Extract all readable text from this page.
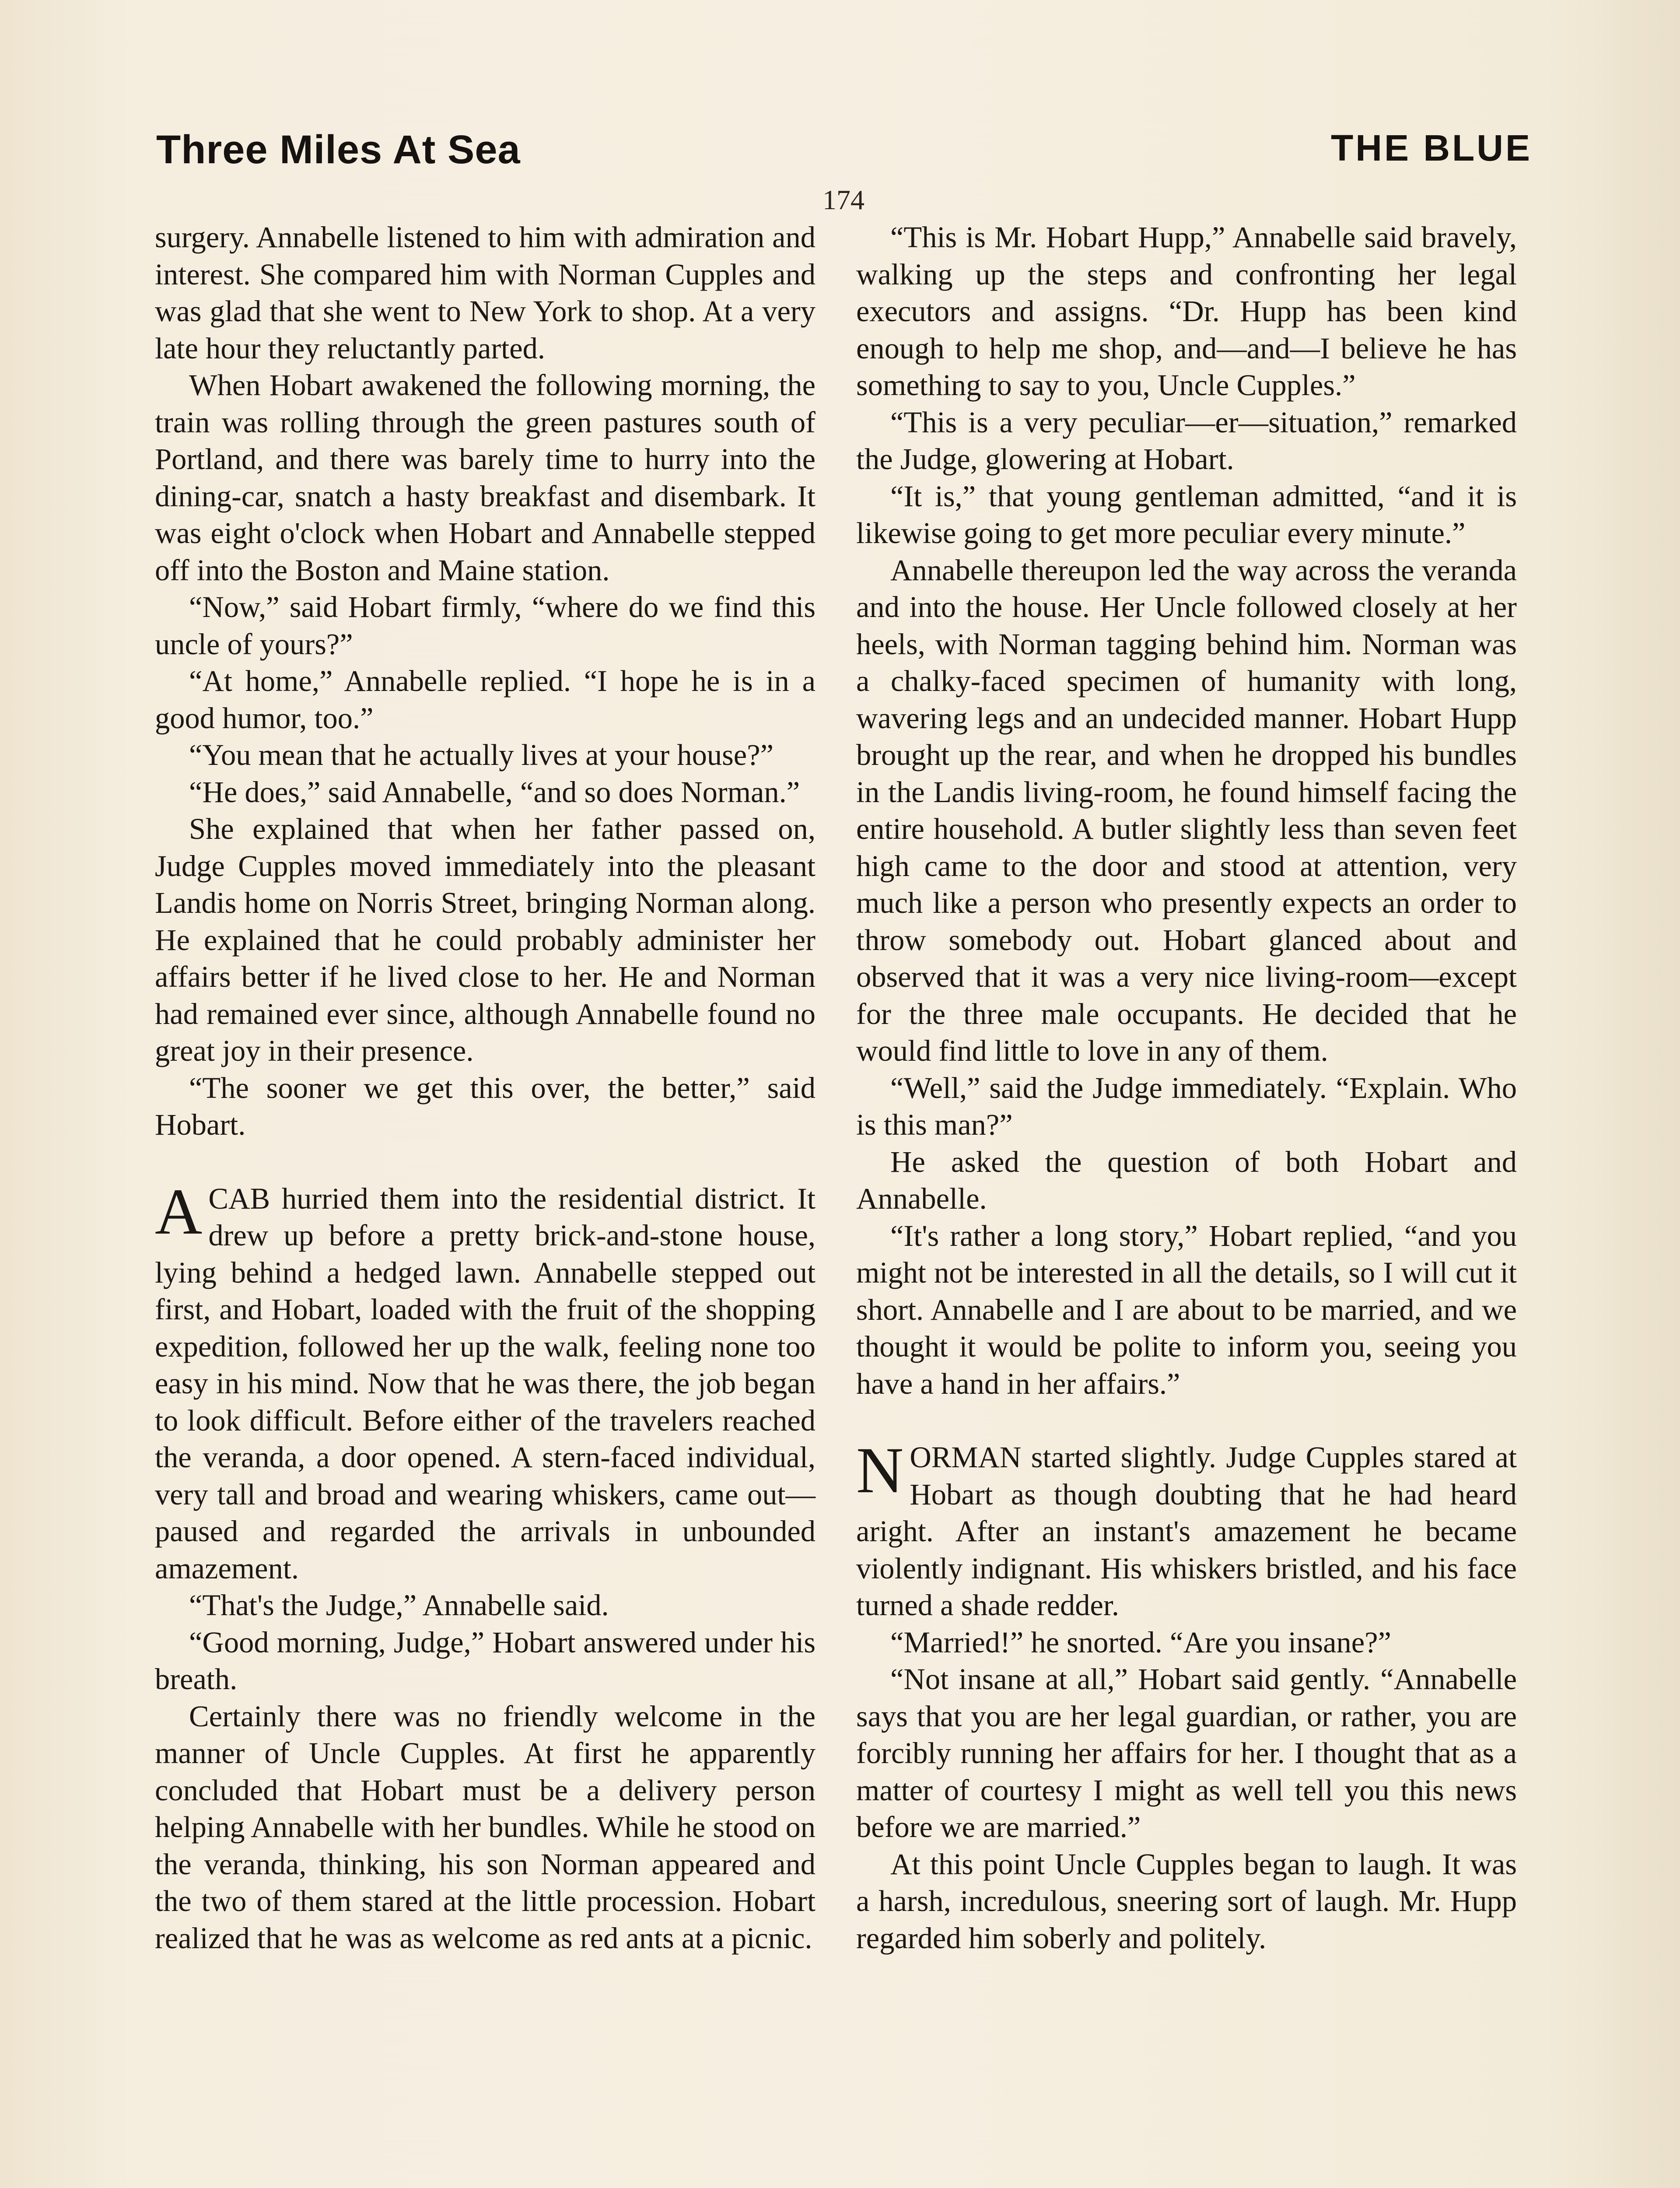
Three Miles At Sea	THE BLUE
174

surgery. Annabelle listened to him with admiration and interest. She compared him with Norman Cupples and was glad that she went to New York to shop. At a very late hour they reluctantly parted.

When Hobart awakened the following morning, the train was rolling through the green pastures south of Portland, and there was barely time to hurry into the dining-car, snatch a hasty breakfast and disembark. It was eight o'clock when Hobart and Annabelle stepped off into the Boston and Maine station.

“Now,” said Hobart firmly, “where do we find this uncle of yours?”

“At home,” Annabelle replied. “I hope he is in a good humor, too.”

“You mean that he actually lives at your house?”

“He does,” said Annabelle, “and so does Norman.”

She explained that when her father passed on, Judge Cupples moved immediately into the pleasant Landis home on Norris Street, bringing Norman along. He explained that he could probably administer her affairs better if he lived close to her. He and Norman had remained ever since, although Annabelle found no great joy in their presence.

“The sooner we get this over, the better,” said Hobart.

ACAB hurried them into the residential district. It drew up before a pretty brick-and-stone house, lying behind a hedged lawn. Annabelle stepped out first, and Hobart, loaded with the fruit of the shopping expedition, followed her up the walk, feeling none too easy in his mind. Now that he was there, the job began to look difficult. Before either of the travelers reached the veranda, a door opened. A stern-faced individual, very tall and broad and wearing whiskers, came out—paused and regarded the arrivals in unbounded amazement.

“That's the Judge,” Annabelle said.

“Good morning, Judge,” Hobart answered under his breath.

Certainly there was no friendly welcome in the manner of Uncle Cupples. At first he apparently concluded that Hobart must be a delivery person helping Annabelle with her bundles. While he stood on the veranda, thinking, his son Norman appeared and the two of them stared at the little procession. Hobart realized that he was as welcome as red ants at a picnic.

“This is Mr. Hobart Hupp,” Annabelle said bravely, walking up the steps and confronting her legal executors and assigns. “Dr. Hupp has been kind enough to help me shop, and—and—I believe he has something to say to you, Uncle Cupples.”

“This is a very peculiar—er—situation,” remarked the Judge, glowering at Hobart.

“It is,” that young gentleman admitted, “and it is likewise going to get more peculiar every minute.”

Annabelle thereupon led the way across the veranda and into the house. Her Uncle followed closely at her heels, with Norman tagging behind him. Norman was a chalky-faced specimen of humanity with long, wavering legs and an undecided manner. Hobart Hupp brought up the rear, and when he dropped his bundles in the Landis living-room, he found himself facing the entire household. A butler slightly less than seven feet high came to the door and stood at attention, very much like a person who presently expects an order to throw somebody out. Hobart glanced about and observed that it was a very nice living-room—except for the three male occupants. He decided that he would find little to love in any of them.

“Well,” said the Judge immediately. “Explain. Who is this man?”

He asked the question of both Hobart and Annabelle.

“It's rather a long story,” Hobart replied, “and you might not be interested in all the details, so I will cut it short. Annabelle and I are about to be married, and we thought it would be polite to inform you, seeing you have a hand in her affairs.”

NORMAN started slightly. Judge Cupples stared at Hobart as though doubting that he had heard aright. After an instant's amazement he became violently indignant. His whiskers bristled, and his face turned a shade redder.

“Married!” he snorted. “Are you insane?”

“Not insane at all,” Hobart said gently. “Annabelle says that you are her legal guardian, or rather, you are forcibly running her affairs for her. I thought that as a matter of courtesy I might as well tell you this news before we are married.”

At this point Uncle Cupples began to laugh. It was a harsh, incredulous, sneering sort of laugh. Mr. Hupp regarded him soberly and politely.
